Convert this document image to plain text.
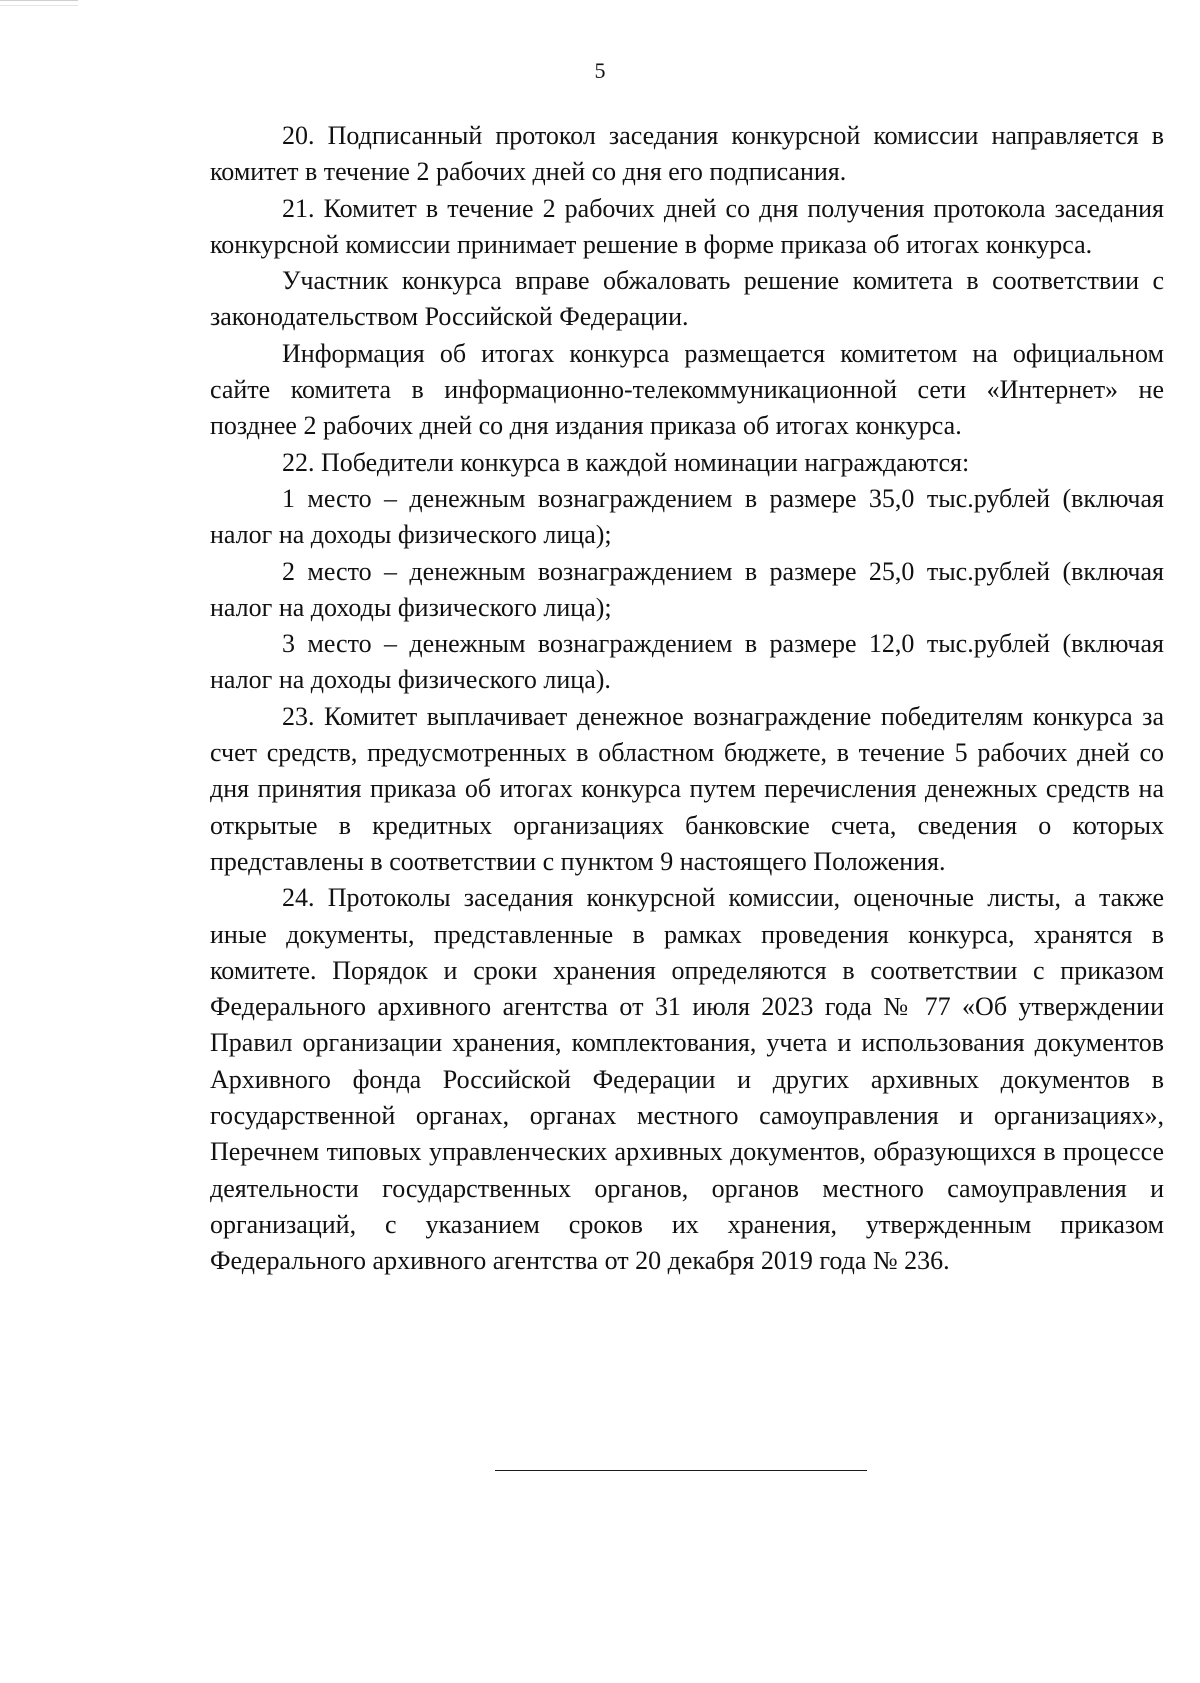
5

20. Подписанный протокол заседания конкурсной комиссии направляется в комитет в течение 2 рабочих дней со дня его подписания.

21. Комитет в течение 2 рабочих дней со дня получения протокола заседания конкурсной комиссии принимает решение в форме приказа об итогах конкурса.

Участник конкурса вправе обжаловать решение комитета в соответствии с законодательством Российской Федерации.

Информация об итогах конкурса размещается комитетом на официальном сайте комитета в информационно-телекоммуникационной сети «Интернет» не позднее 2 рабочих дней со дня издания приказа об итогах конкурса.

22. Победители конкурса в каждой номинации награждаются:

1 место – денежным вознаграждением в размере 35,0 тыс.рублей (включая налог на доходы физического лица);

2 место – денежным вознаграждением в размере 25,0 тыс.рублей (включая налог на доходы физического лица);

3 место – денежным вознаграждением в размере 12,0 тыс.рублей (включая налог на доходы физического лица).

23. Комитет выплачивает денежное вознаграждение победителям конкурса за счет средств, предусмотренных в областном бюджете, в течение 5 рабочих дней со дня принятия приказа об итогах конкурса путем перечисления денежных средств на открытые в кредитных организациях банковские счета, сведения о которых представлены в соответствии с пунктом 9 настоящего Положения.

24. Протоколы заседания конкурсной комиссии, оценочные листы, а также иные документы, представленные в рамках проведения конкурса, хранятся в комитете. Порядок и сроки хранения определяются в соответствии с приказом Федерального архивного агентства от 31 июля 2023 года № 77 «Об утверждении Правил организации хранения, комплектования, учета и использования документов Архивного фонда Российской Федерации и других архивных документов в государственной органах, органах местного самоуправления и организациях», Перечнем типовых управленческих архивных документов, образующихся в процессе деятельности государственных органов, органов местного самоуправления и организаций, с указанием сроков их хранения, утвержденным приказом Федерального архивного агентства от 20 декабря 2019 года № 236.
